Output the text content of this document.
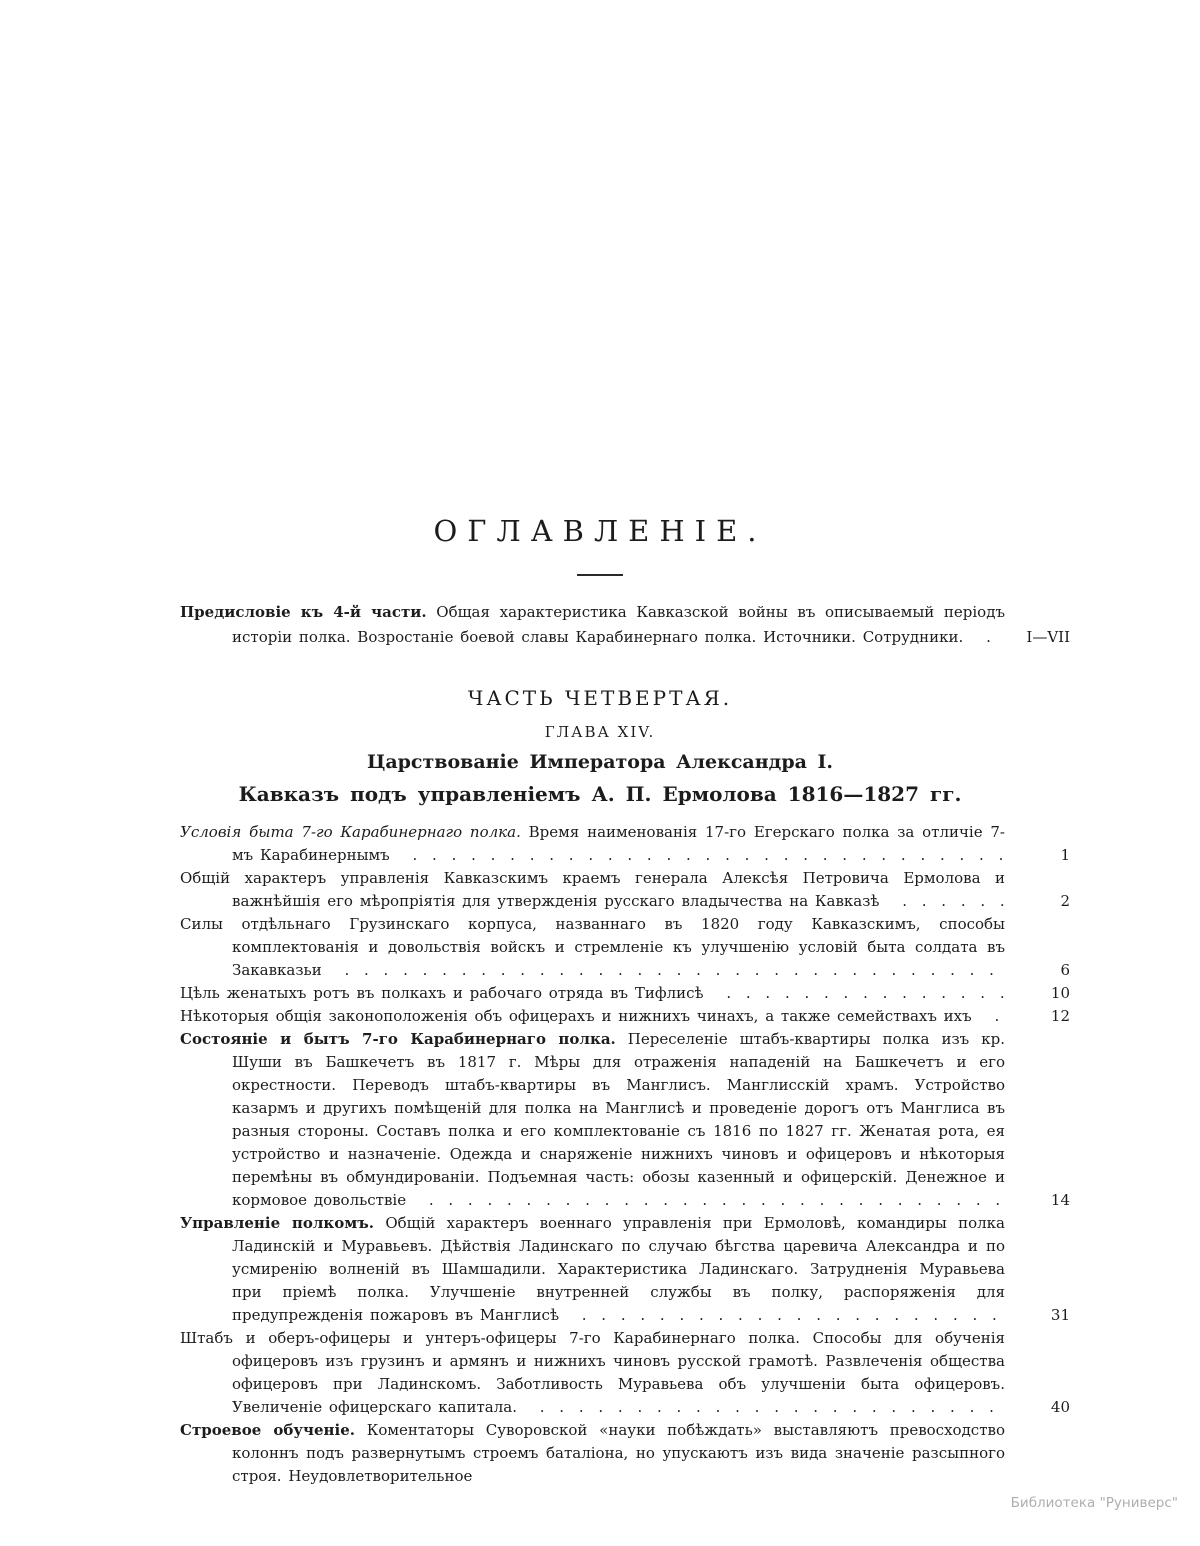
ОГЛАВЛЕНІЕ.
Предисловіе къ 4-й части. Общая характеристика Кавказской войны въ описываемый періодъ исторіи полка. Возростаніе боевой славы Карабинернаго полка. Источники. Сотрудники. .	I—VII
ЧАСТЬ ЧЕТВЕРТАЯ.
ГЛАВА XIV.
Царствованіе Императора Александра I.
Кавказъ подъ управленіемъ А. П. Ермолова 1816—1827 гг.
Условія быта 7-го Карабинернаго полка. Время наименованія 17-го Егерскаго полка за отличіе 7-мъ Карабинернымъ . . . . . . . . . . . . . . . . . . . . . . . . . . . . . . .	1
Общій характеръ управленія Кавказскимъ краемъ генерала Алексѣя Петровича Ермолова и важнѣйшія его мѣропріятія для утвержденія русскаго владычества на Кавказѣ . . . . . .	2
Силы отдѣльнаго Грузинскаго корпуса, названнаго въ 1820 году Кавказскимъ, способы комплектованія и довольствія войскъ и стремленіе къ улучшенію условій быта солдата въ Закавказьи . . . . . . . . . . . . . . . . . . . . . . . . . . . . . . . . . .	6
Цѣль женатыхъ ротъ въ полкахъ и рабочаго отряда въ Тифлисѣ . . . . . . . . . . . . . . .	10
Нѣкоторыя общія законоположенія объ офицерахъ и нижнихъ чинахъ, а также семействахъ ихъ .	12
Состояніе и бытъ 7-го Карабинернаго полка. Переселеніе штабъ-квартиры полка изъ кр. Шуши въ Башкечетъ въ 1817 г. Мѣры для отраженія нападеній на Башкечетъ и его окрестности. Переводъ штабъ-квартиры въ Манглисъ. Манглисскій храмъ. Устройство казармъ и другихъ помѣщеній для полка на Манглисѣ и проведеніе дорогъ отъ Манглиса въ разныя стороны. Составъ полка и его комплектованіе съ 1816 по 1827 гг. Женатая рота, ея устройство и назначеніе. Одежда и снаряженіе нижнихъ чиновъ и офицеровъ и нѣкоторыя перемѣны въ обмундированіи. Подъемная часть: обозы казенный и офицерскій. Денежное и кормовое довольствіе . . . . . . . . . . . . . . . . . . . . . . . . . . . . . .	14
Управленіе полкомъ. Общій характеръ военнаго управленія при Ермоловѣ, командиры полка Ладинскій и Муравьевъ. Дѣйствія Ладинскаго по случаю бѣгства царевича Александра и по усмиренію волненій въ Шамшадили. Характеристика Ладинскаго. Затрудненія Муравьева при пріемѣ полка. Улучшеніе внутренней службы въ полку, распоряженія для предупрежденія пожаровъ въ Манглисѣ . . . . . . . . . . . . . . . . . . . . . .	31
Штабъ и оберъ-офицеры и унтеръ-офицеры 7-го Карабинернаго полка. Способы для обученія офицеровъ изъ грузинъ и армянъ и нижнихъ чиновъ русской грамотѣ. Развлеченія общества офицеровъ при Ладинскомъ. Заботливость Муравьева объ улучшеніи быта офицеровъ. Увеличеніе офицерскаго капитала. . . . . . . . . . . . . . . . . . . . . . . . .	40
Строевое обученіе. Коментаторы Суворовской «науки побѣждать» выставляютъ превосходство колоннъ подъ развернутымъ строемъ баталіона, но упускаютъ изъ вида значеніе разсыпного строя. Неудовлетворительное
Библиотека "Руниверс"
